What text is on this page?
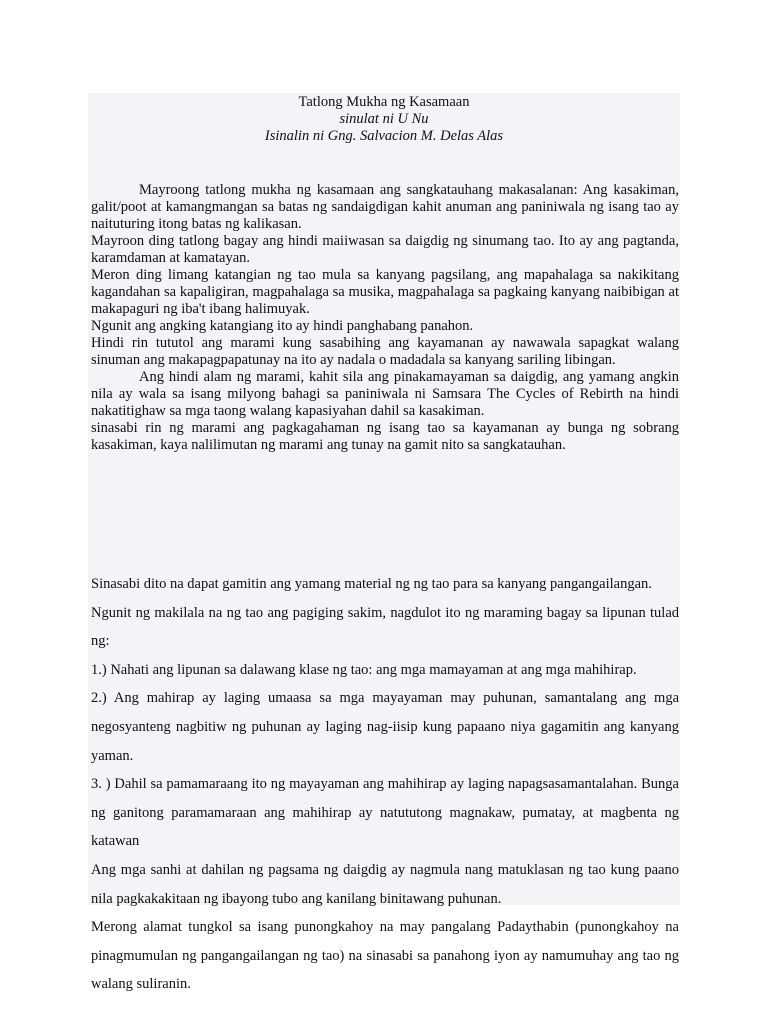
Tatlong Mukha ng Kasamaan
sinulat ni U Nu
Isinalin ni Gng. Salvacion M. Delas Alas

Mayroong tatlong mukha ng kasamaan ang sangkatauhang makasalanan: Ang kasakiman, galit/poot at kamangmangan sa batas ng sandaigdigan kahit anuman ang paniniwala ng isang tao ay naituturing itong batas ng kalikasan.

Mayroon ding tatlong bagay ang hindi maiiwasan sa daigdig ng sinumang tao. Ito ay ang pagtanda, karamdaman at kamatayan.

Meron ding limang katangian ng tao mula sa kanyang pagsilang, ang mapahalaga sa nakikitang kagandahan sa kapaligiran, magpahalaga sa musika, magpahalaga sa pagkaing kanyang naibibigan at makapaguri ng iba't ibang halimuyak.

Ngunit ang angking katangiang ito ay hindi panghabang panahon.

Hindi rin tututol ang marami kung sasabihing ang kayamanan ay nawawala sapagkat walang sinuman ang makapagpapatunay na ito ay nadala o madadala sa kanyang sariling libingan.

Ang hindi alam ng marami, kahit sila ang pinakamayaman sa daigdig, ang yamang angkin nila ay wala sa isang milyong bahagi sa paniniwala ni Samsara The Cycles of Rebirth na hindi nakatitighaw sa mga taong walang kapasiyahan dahil sa kasakiman.

sinasabi rin ng marami ang pagkagahaman ng isang tao sa kayamanan ay bunga ng sobrang kasakiman, kaya nalilimutan ng marami ang tunay na gamit nito sa sangkatauhan.

Sinasabi dito na dapat gamitin ang yamang material ng ng tao para sa kanyang pangangailangan.

Ngunit ng makilala na ng tao ang pagiging sakim, nagdulot ito ng maraming bagay sa lipunan tulad ng:

1.) Nahati ang lipunan sa dalawang klase ng tao: ang mga mamayaman at ang mga mahihirap.

2.) Ang mahirap ay laging umaasa sa mga mayayaman may puhunan, samantalang ang mga negosyanteng nagbitiw ng puhunan ay laging nag-iisip kung papaano niya gagamitin ang kanyang yaman.

3. ) Dahil sa pamamaraang ito ng mayayaman ang mahihirap ay laging napagsasamantalahan. Bunga ng ganitong paramamaraan ang mahihirap ay natututong magnakaw, pumatay, at magbenta ng katawan

Ang mga sanhi at dahilan ng pagsama ng daigdig ay nagmula nang matuklasan ng tao kung paano nila pagkakakitaan ng ibayong tubo ang kanilang binitawang puhunan.

Merong alamat tungkol sa isang punongkahoy na may pangalang Padaythabin (punongkahoy na pinagmumulan ng pangangailangan ng tao) na sinasabi sa panahong iyon ay namumuhay ang tao ng walang suliranin.
